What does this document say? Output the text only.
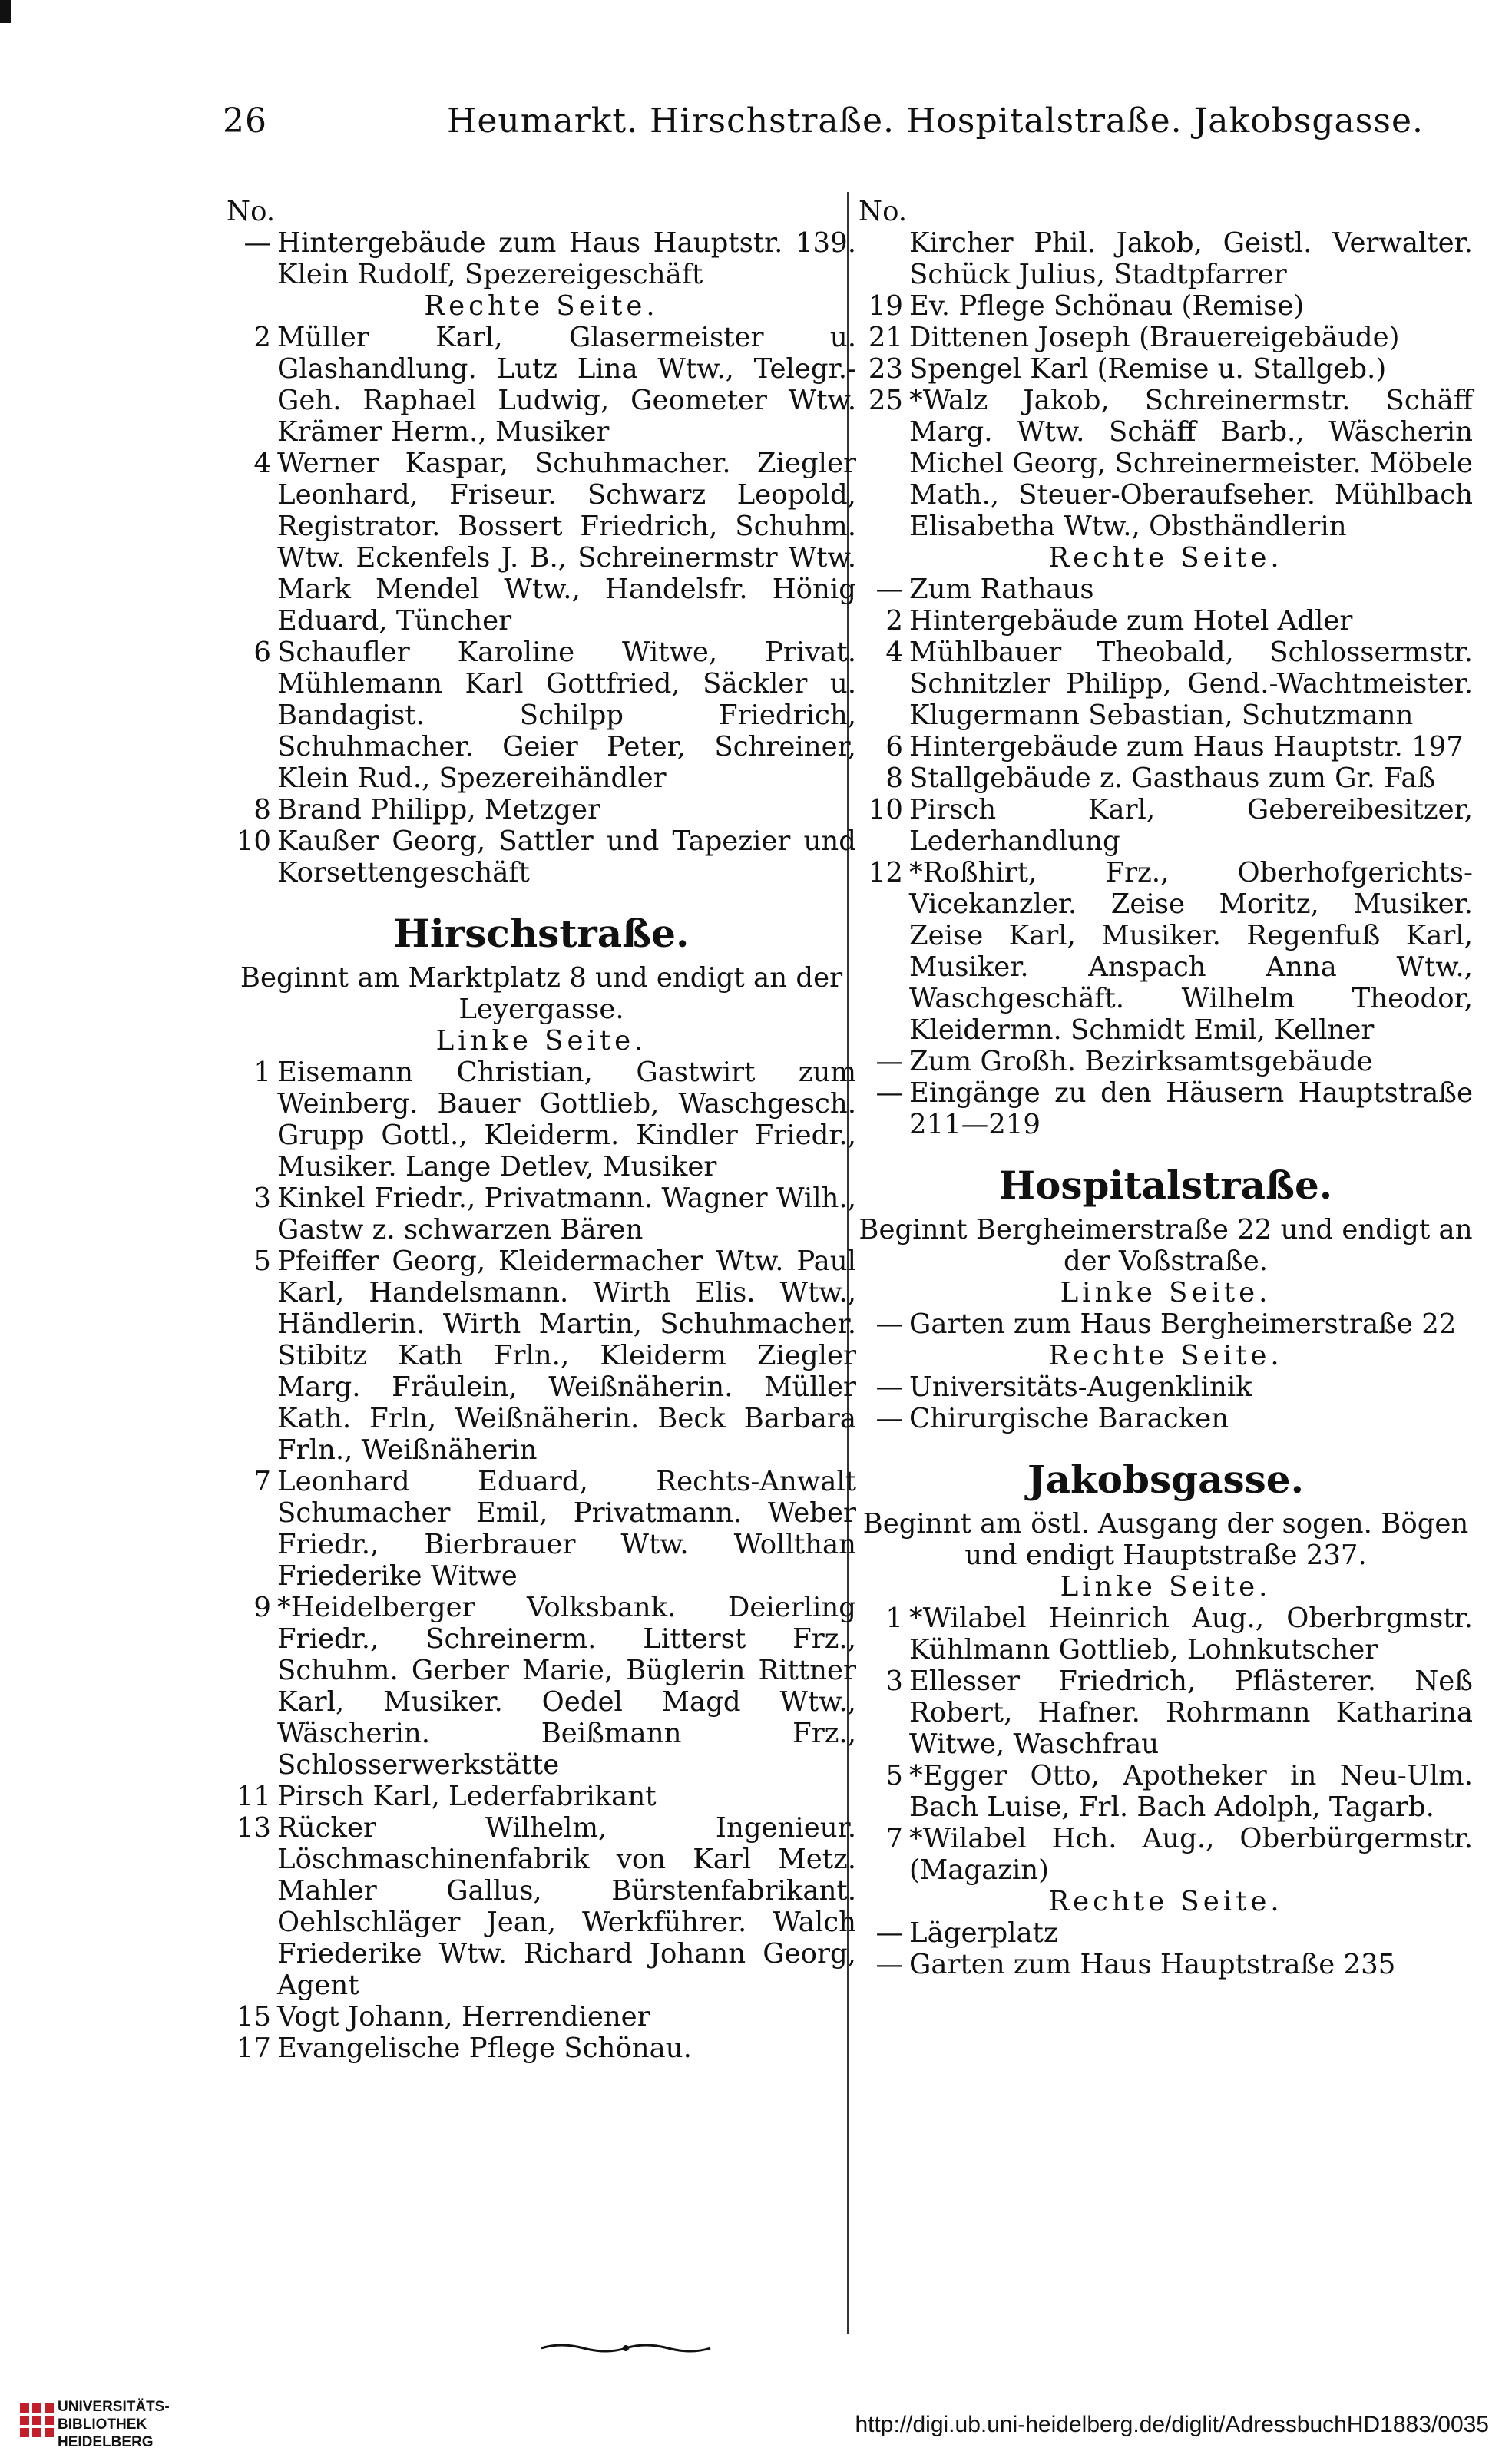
26	Heumarkt. Hirschstraße. Hospitalstraße. Jakobsgasse.
No.
— Hintergebäude zum Haus Hauptstr. 139. Klein Rudolf, Spezereigeschäft
Rechte Seite.
2 Müller Karl, Glasermeister u. Glashandlung. Lutz Lina Wtw., Telegr.-Geh. Raphael Ludwig, Geometer Wtw. Krämer Herm., Musiker
4 Werner Kaspar, Schuhmacher. Ziegler Leonhard, Friseur. Schwarz Leopold, Registrator. Bossert Friedrich, Schuhm. Wtw. Eckenfels J. B., Schreinermstr Wtw. Mark Mendel Wtw., Handelsfr. Hönig Eduard, Tüncher
6 Schaufler Karoline Witwe, Privat. Mühlemann Karl Gottfried, Säckler u. Bandagist. Schilpp Friedrich, Schuhmacher. Geier Peter, Schreiner, Klein Rud., Spezereihändler
8 Brand Philipp, Metzger
10 Kaußer Georg, Sattler und Tapezier und Korsettengeschäft
Hirschstraße.
Beginnt am Marktplatz 8 und endigt an der Leyergasse.
Linke Seite.
1 Eisemann Christian, Gastwirt zum Weinberg. Bauer Gottlieb, Waschgesch. Grupp Gottl., Kleiderm. Kindler Friedr., Musiker. Lange Detlev, Musiker
3 Kinkel Friedr., Privatmann. Wagner Wilh., Gastw z. schwarzen Bären
5 Pfeiffer Georg, Kleidermacher Wtw. Paul Karl, Handelsmann. Wirth Elis. Wtw., Händlerin. Wirth Martin, Schuhmacher. Stibitz Kath Frln., Kleiderm Ziegler Marg. Fräulein, Weißnäherin. Müller Kath. Frln, Weißnäherin. Beck Barbara Frln., Weißnäherin
7 Leonhard Eduard, Rechts-Anwalt Schumacher Emil, Privatmann. Weber Friedr., Bierbrauer Wtw. Wollthan Friederike Witwe
9 *Heidelberger Volksbank. Deierling Friedr., Schreinerm. Litterst Frz., Schuhm. Gerber Marie, Büglerin Rittner Karl, Musiker. Oedel Magd Wtw., Wäscherin. Beißmann Frz., Schlosserwerkstätte
11 Pirsch Karl, Lederfabrikant
13 Rücker Wilhelm, Ingenieur. Löschmaschinenfabrik von Karl Metz. Mahler Gallus, Bürstenfabrikant. Oehlschläger Jean, Werkführer. Walch Friederike Wtw. Richard Johann Georg, Agent
15 Vogt Johann, Herrendiener
17 Evangelische Pflege Schönau.
No.
Kircher Phil. Jakob, Geistl. Verwalter. Schück Julius, Stadtpfarrer
19 Ev. Pflege Schönau (Remise)
21 Dittenen Joseph (Brauereigebäude)
23 Spengel Karl (Remise u. Stallgeb.)
25 *Walz Jakob, Schreinermstr. Schäff Marg. Wtw. Schäff Barb., Wäscherin Michel Georg, Schreinermeister. Möbele Math., Steuer-Oberaufseher. Mühlbach Elisabetha Wtw., Obsthändlerin
Rechte Seite.
— Zum Rathaus
2 Hintergebäude zum Hotel Adler
4 Mühlbauer Theobald, Schlossermstr. Schnitzler Philipp, Gend.-Wachtmeister. Klugermann Sebastian, Schutzmann
6 Hintergebäude zum Haus Hauptstr. 197
8 Stallgebäude z. Gasthaus zum Gr. Faß
10 Pirsch Karl, Gebereibesitzer, Lederhandlung
12 *Roßhirt, Frz., Oberhofgerichts-Vicekanzler. Zeise Moritz, Musiker. Zeise Karl, Musiker. Regenfuß Karl, Musiker. Anspach Anna Wtw., Waschgeschäft. Wilhelm Theodor, Kleidermn. Schmidt Emil, Kellner
— Zum Großh. Bezirksamtsgebäude
— Eingänge zu den Häusern Hauptstraße 211—219
Hospitalstraße.
Beginnt Bergheimerstraße 22 und endigt an der Voßstraße.
Linke Seite.
— Garten zum Haus Bergheimerstraße 22
Rechte Seite.
— Universitäts-Augenklinik
— Chirurgische Baracken
Jakobsgasse.
Beginnt am östl. Ausgang der sogen. Bögen und endigt Hauptstraße 237.
Linke Seite.
1 *Wilabel Heinrich Aug., Oberbrgmstr. Kühlmann Gottlieb, Lohnkutscher
3 Ellesser Friedrich, Pflästerer. Neß Robert, Hafner. Rohrmann Katharina Witwe, Waschfrau
5 *Egger Otto, Apotheker in Neu-Ulm. Bach Luise, Frl. Bach Adolph, Tagarb.
7 *Wilabel Hch. Aug., Oberbürgermstr. (Magazin)
Rechte Seite.
— Lägerplatz
— Garten zum Haus Hauptstraße 235
UNIVERSITÄTS-
BIBLIOTHEK
HEIDELBERG
http://digi.ub.uni-heidelberg.de/diglit/AdressbuchHD1883/0035
